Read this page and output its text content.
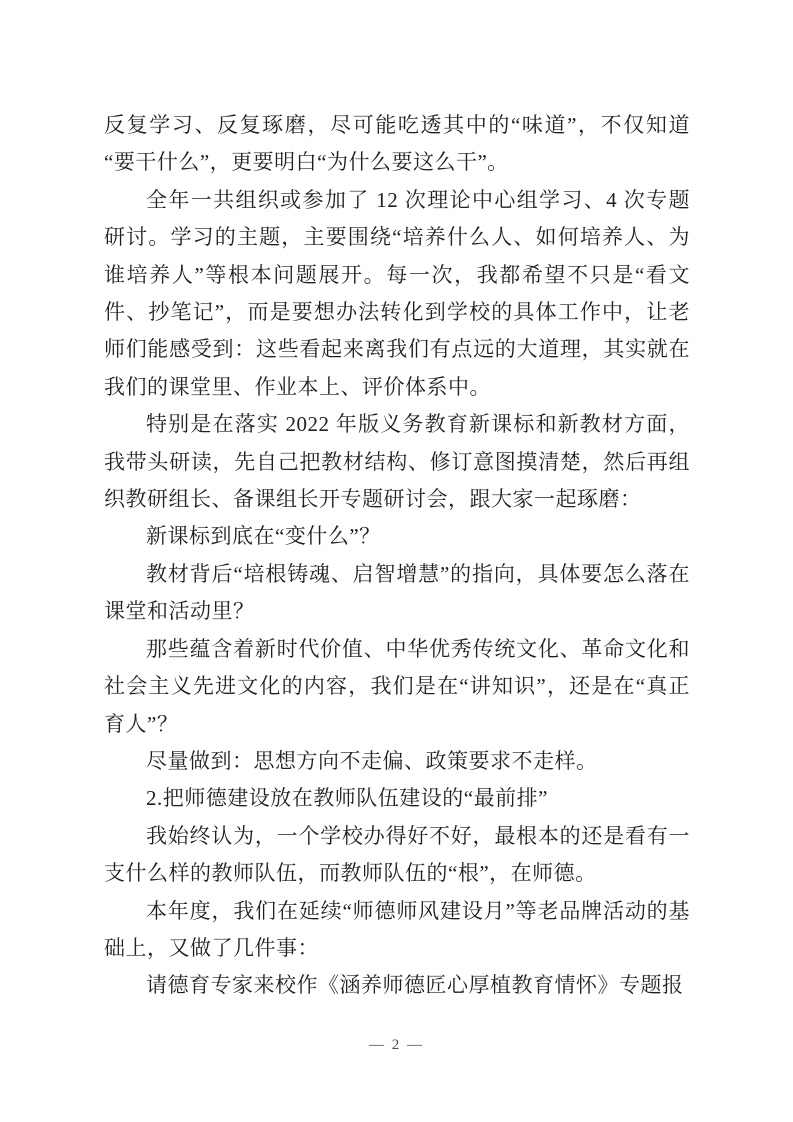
反复学习、反复琢磨，尽可能吃透其中的“味道”，不仅知道“要干什么”，更要明白“为什么要这么干”。

全年一共组织或参加了 12 次理论中心组学习、4 次专题研讨。学习的主题，主要围绕“培养什么人、如何培养人、为谁培养人”等根本问题展开。每一次，我都希望不只是“看文件、抄笔记”，而是要想办法转化到学校的具体工作中，让老师们能感受到：这些看起来离我们有点远的大道理，其实就在我们的课堂里、作业本上、评价体系中。

特别是在落实 2022 年版义务教育新课标和新教材方面，我带头研读，先自己把教材结构、修订意图摸清楚，然后再组织教研组长、备课组长开专题研讨会，跟大家一起琢磨：

新课标到底在“变什么”？

教材背后“培根铸魂、启智增慧”的指向，具体要怎么落在课堂和活动里？

那些蕴含着新时代价值、中华优秀传统文化、革命文化和社会主义先进文化的内容，我们是在“讲知识”，还是在“真正育人”？

尽量做到：思想方向不走偏、政策要求不走样。

2.把师德建设放在教师队伍建设的“最前排”

我始终认为，一个学校办得好不好，最根本的还是看有一支什么样的教师队伍，而教师队伍的“根”，在师德。

本年度，我们在延续“师德师风建设月”等老品牌活动的基础上，又做了几件事：

请德育专家来校作《涵养师德匠心厚植教育情怀》专题报

— 2 —
